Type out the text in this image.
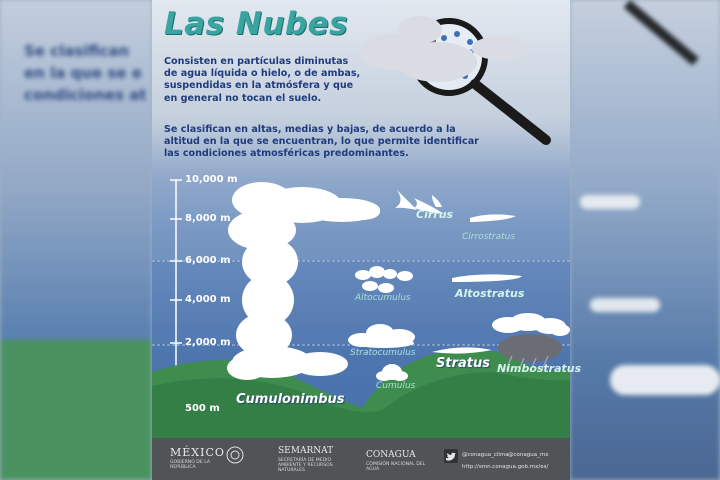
Se clasifican
en la que se e
condiciones at
Las Nubes
Consisten en partículas diminutas de agua líquida o hielo, o de ambas, suspendidas en la atmósfera y que en general no tocan el suelo.
Se clasifican en altas, medias y bajas, de acuerdo a la altitud en la que se encuentran, lo que permite identificar las condiciones atmosféricas predominantes.
10,000 m
8,000 m
6,000 m
4,000 m
2,000 m
500 m
Cirrus
Cirrostratus
Altocumulus	Altostratus
Stratocumulus
Stratus Nimbostratus
Cumulus
Cumulonimbus
MÉXICO
GOBIERNO DE LA REPÚBLICA
SEMARNAT
SECRETARÍA DE MEDIO AMBIENTE Y RECURSOS NATURALES
CONAGUA
COMISIÓN NACIONAL DEL AGUA
@conagua_clima @conagua_mx
http://smn.conagua.gob.mx/es/
